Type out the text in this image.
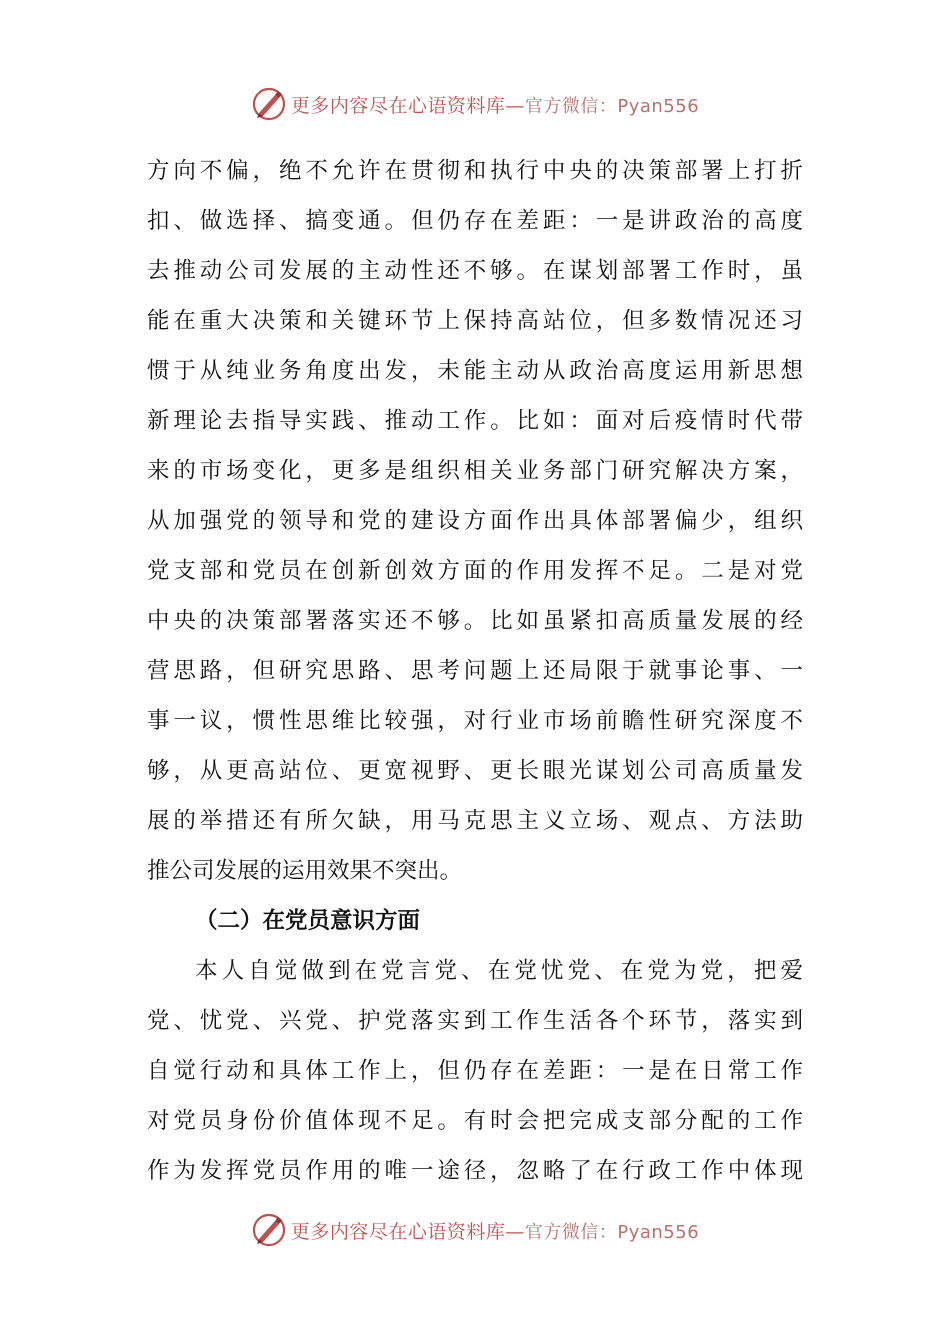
更多内容尽在心语资料库—官方微信：Pyan556
方向不偏，绝不允许在贯彻和执行中央的决策部署上打折
扣、做选择、搞变通。但仍存在差距：一是讲政治的高度
去推动公司发展的主动性还不够。在谋划部署工作时，虽
能在重大决策和关键环节上保持高站位，但多数情况还习
惯于从纯业务角度出发，未能主动从政治高度运用新思想
新理论去指导实践、推动工作。比如：面对后疫情时代带
来的市场变化，更多是组织相关业务部门研究解决方案，
从加强党的领导和党的建设方面作出具体部署偏少，组织
党支部和党员在创新创效方面的作用发挥不足。二是对党
中央的决策部署落实还不够。比如虽紧扣高质量发展的经
营思路，但研究思路、思考问题上还局限于就事论事、一
事一议，惯性思维比较强，对行业市场前瞻性研究深度不
够，从更高站位、更宽视野、更长眼光谋划公司高质量发
展的举措还有所欠缺，用马克思主义立场、观点、方法助
推公司发展的运用效果不突出。
（二）在党员意识方面
本人自觉做到在党言党、在党忧党、在党为党，把爱
党、忧党、兴党、护党落实到工作生活各个环节，落实到
自觉行动和具体工作上，但仍存在差距：一是在日常工作
对党员身份价值体现不足。有时会把完成支部分配的工作
作为发挥党员作用的唯一途径，忽略了在行政工作中体现
更多内容尽在心语资料库—官方微信：Pyan556
